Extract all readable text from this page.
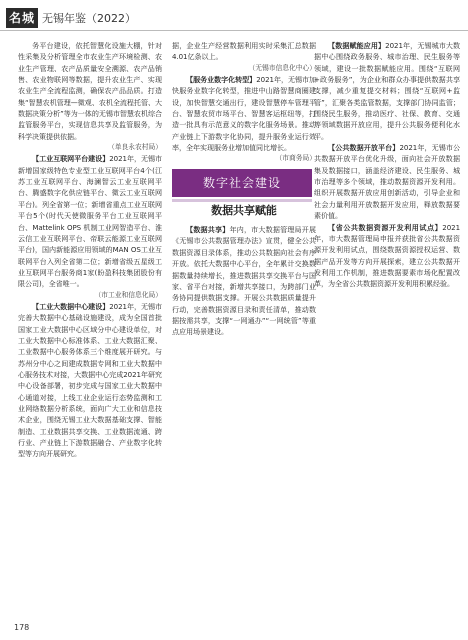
名城 无锡年鉴（2022）

务平台建设，依托智慧化设施大棚，针对性采集及分析管理全市农业生产环境检测、农业生产管理、农产品质量安全溯源、农产品销售、农业物联网等数据，提升农业生产、实现农业生产全流程监测，确保农产品品质。打造集“智慧农机管理—微观、农机全流程托管、大数据决策分析”等为一体的无锡市智慧农机综合监管服务平台，实现信息共享及监管服务，为科学决策提供依据。

（单良永农村局）

【工业互联网平台建设】2021年，无锡市新增国家级特色专业型工业互联网平台4个(江苏工业互联网平台、海澜智云工业互联网平台、腾盛数字化供应链平台、微云工业互联网平台)。列全省第一位；新增省重点工业互联网平台5个(时代天使微服务平台工业互联网平台、Mattelink OPS 机制工业网智造平台、淮云信工业互联网平台、帝联云能源工业互联网平台)，国内新能源应用领域的MAN OS工业互联网平台入列全省第二位；新增省级五星级工业互联网平台服务商1家(盼盈科技集团股份有限公司)，全省唯一。

（市工业和信息化局）

【工业大数据中心建设】2021年，无锡市完善大数据中心基础设施建设，成为全国首批国家工业大数据中心区域分中心建设单位，对工业大数据中心标准体系、工业大数据汇聚、工业数据中心服务体系三个维度展开研究。与苏州分中心之间建成数据专网和工业大数据中心服务技术对接，大数据中心完成2021年研究中心设备部署，初步完成与国家工业大数据中心通道对接，上线工业企业运行态势监测和工业网络数据分析系统，面向广大工业和信息技术企业，围绕无锡工业大数据基础支撑、智能制造、工业数据共享交换、工业数据流通、跨行业、产业链上下游数据融合、产业数字化转型等方向开展研究。

据，企业生产经营数据利用实时采集汇总数据4.01亿条以上。

（无锡市信息化中心）

【服务业数字化转型】2021年，无锡市加快服务业数字化转型，推进中山路智慧商圈建设，加快智慧交通出行，建设智慧停车管理平台、智慧农贸市场平台、智慧客运枢纽等，打造一批具有示范意义的数字化服务场景。推动产业链上下游数字化协同，提升服务业运行效率，全年实现服务业增加值同比增长。

（市商务局）

数字社会建设
数据共享赋能

【数据共享】年内，市大数据管理局开展《无锡市公共数据管理办法》宣贯，健全公共数据资源目录体系，推动公共数据向社会有序开放。依托大数据中心平台，全年累计交换数据数量持续增长，推进数据共享交换平台与国家、省平台对接，新增共享接口，为跨部门业务协同提供数据支撑。开展公共数据质量提升行动，完善数据资源目录和责任清单，推动数据按需共享，支撑“一网通办”“一网统管”等重点应用场景建设。

【数据赋能应用】2021年，无锡城市大数据中心围绕政务服务、城市治理、民生服务等领域，建设一批数据赋能应用。围绕“互联网+政务服务”，为企业和群众办事提供数据共享支撑，减少重复提交材料；围绕“互联网+监管”，汇聚各类监管数据，支撑部门协同监管；围绕民生服务，推动医疗、社保、教育、交通等领域数据开放应用，提升公共服务便利化水平。

【公共数据开放平台】2021年，无锡市公共数据开放平台优化升级，面向社会开放数据集及数据接口，涵盖经济建设、民生服务、城市治理等多个领域，推动数据资源开发利用。组织开展数据开放应用创新活动，引导企业和社会力量利用开放数据开发应用，释放数据要素价值。

【省公共数据资源开发利用试点】2021年，市大数据管理局申报并获批省公共数据资源开发利用试点，围绕数据资源授权运营、数据产品开发等方向开展探索，建立公共数据开发利用工作机制，推进数据要素市场化配置改革，为全省公共数据资源开发利用积累经验。

178
